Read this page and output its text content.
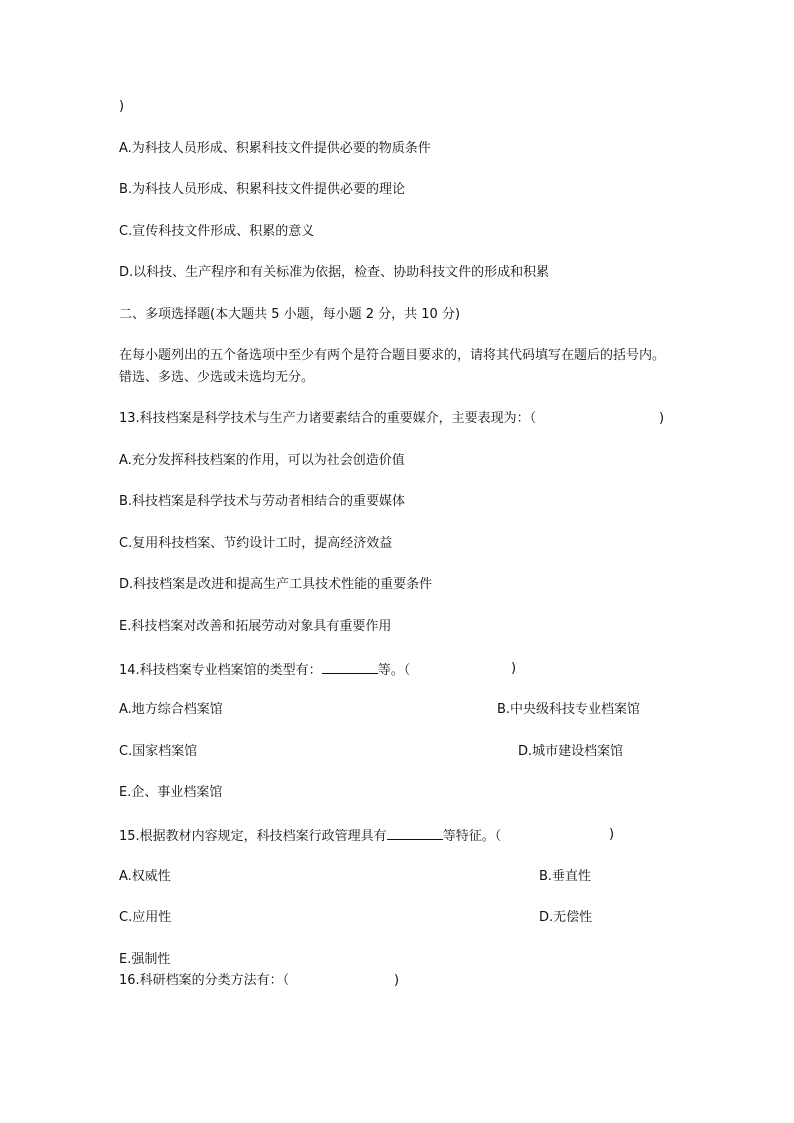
)
A.为科技人员形成、积累科技文件提供必要的物质条件
B.为科技人员形成、积累科技文件提供必要的理论
C.宣传科技文件形成、积累的意义
D.以科技、生产程序和有关标准为依据，检查、协助科技文件的形成和积累
二、多项选择题(本大题共 5 小题，每小题 2 分，共 10 分)
在每小题列出的五个备选项中至少有两个是符合题目要求的，请将其代码填写在题后的括号内。错选、多选、少选或未选均无分。
13.科技档案是科学技术与生产力诸要素结合的重要媒介，主要表现为：（	)
A.充分发挥科技档案的作用，可以为社会创造价值
B.科技档案是科学技术与劳动者相结合的重要媒体
C.复用科技档案、节约设计工时，提高经济效益
D.科技档案是改进和提高生产工具技术性能的重要条件
E.科技档案对改善和拓展劳动对象具有重要作用
14.科技档案专业档案馆的类型有：	等。（	)
A.地方综合档案馆	B.中央级科技专业档案馆
C.国家档案馆	D.城市建设档案馆
E.企、事业档案馆
15.根据教材内容规定，科技档案行政管理具有	等特征。（	)
A.权威性	B.垂直性
C.应用性	D.无偿性
E.强制性
16.科研档案的分类方法有：（	)
